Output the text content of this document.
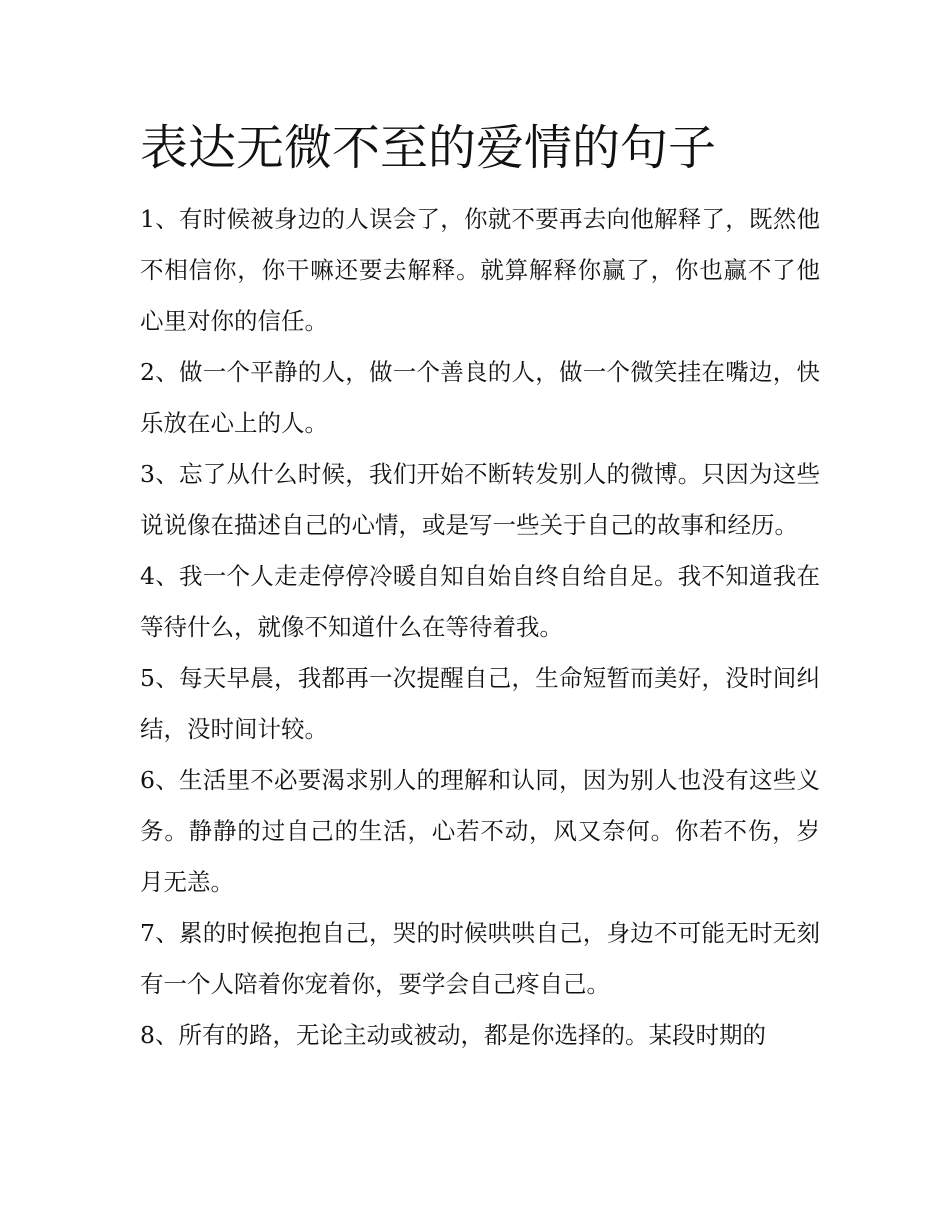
表达无微不至的爱情的句子

1、有时候被身边的人误会了，你就不要再去向他解释了，既然他不相信你，你干嘛还要去解释。就算解释你赢了，你也赢不了他心里对你的信任。

2、做一个平静的人，做一个善良的人，做一个微笑挂在嘴边，快乐放在心上的人。

3、忘了从什么时候，我们开始不断转发别人的微博。只因为这些说说像在描述自己的心情，或是写一些关于自己的故事和经历。

4、我一个人走走停停冷暖自知自始自终自给自足。我不知道我在等待什么，就像不知道什么在等待着我。

5、每天早晨，我都再一次提醒自己，生命短暂而美好，没时间纠结，没时间计较。

6、生活里不必要渴求别人的理解和认同，因为别人也没有这些义务。静静的过自己的生活，心若不动，风又奈何。你若不伤，岁月无恙。

7、累的时候抱抱自己，哭的时候哄哄自己，身边不可能无时无刻有一个人陪着你宠着你，要学会自己疼自己。

8、所有的路，无论主动或被动，都是你选择的。某段时期的
